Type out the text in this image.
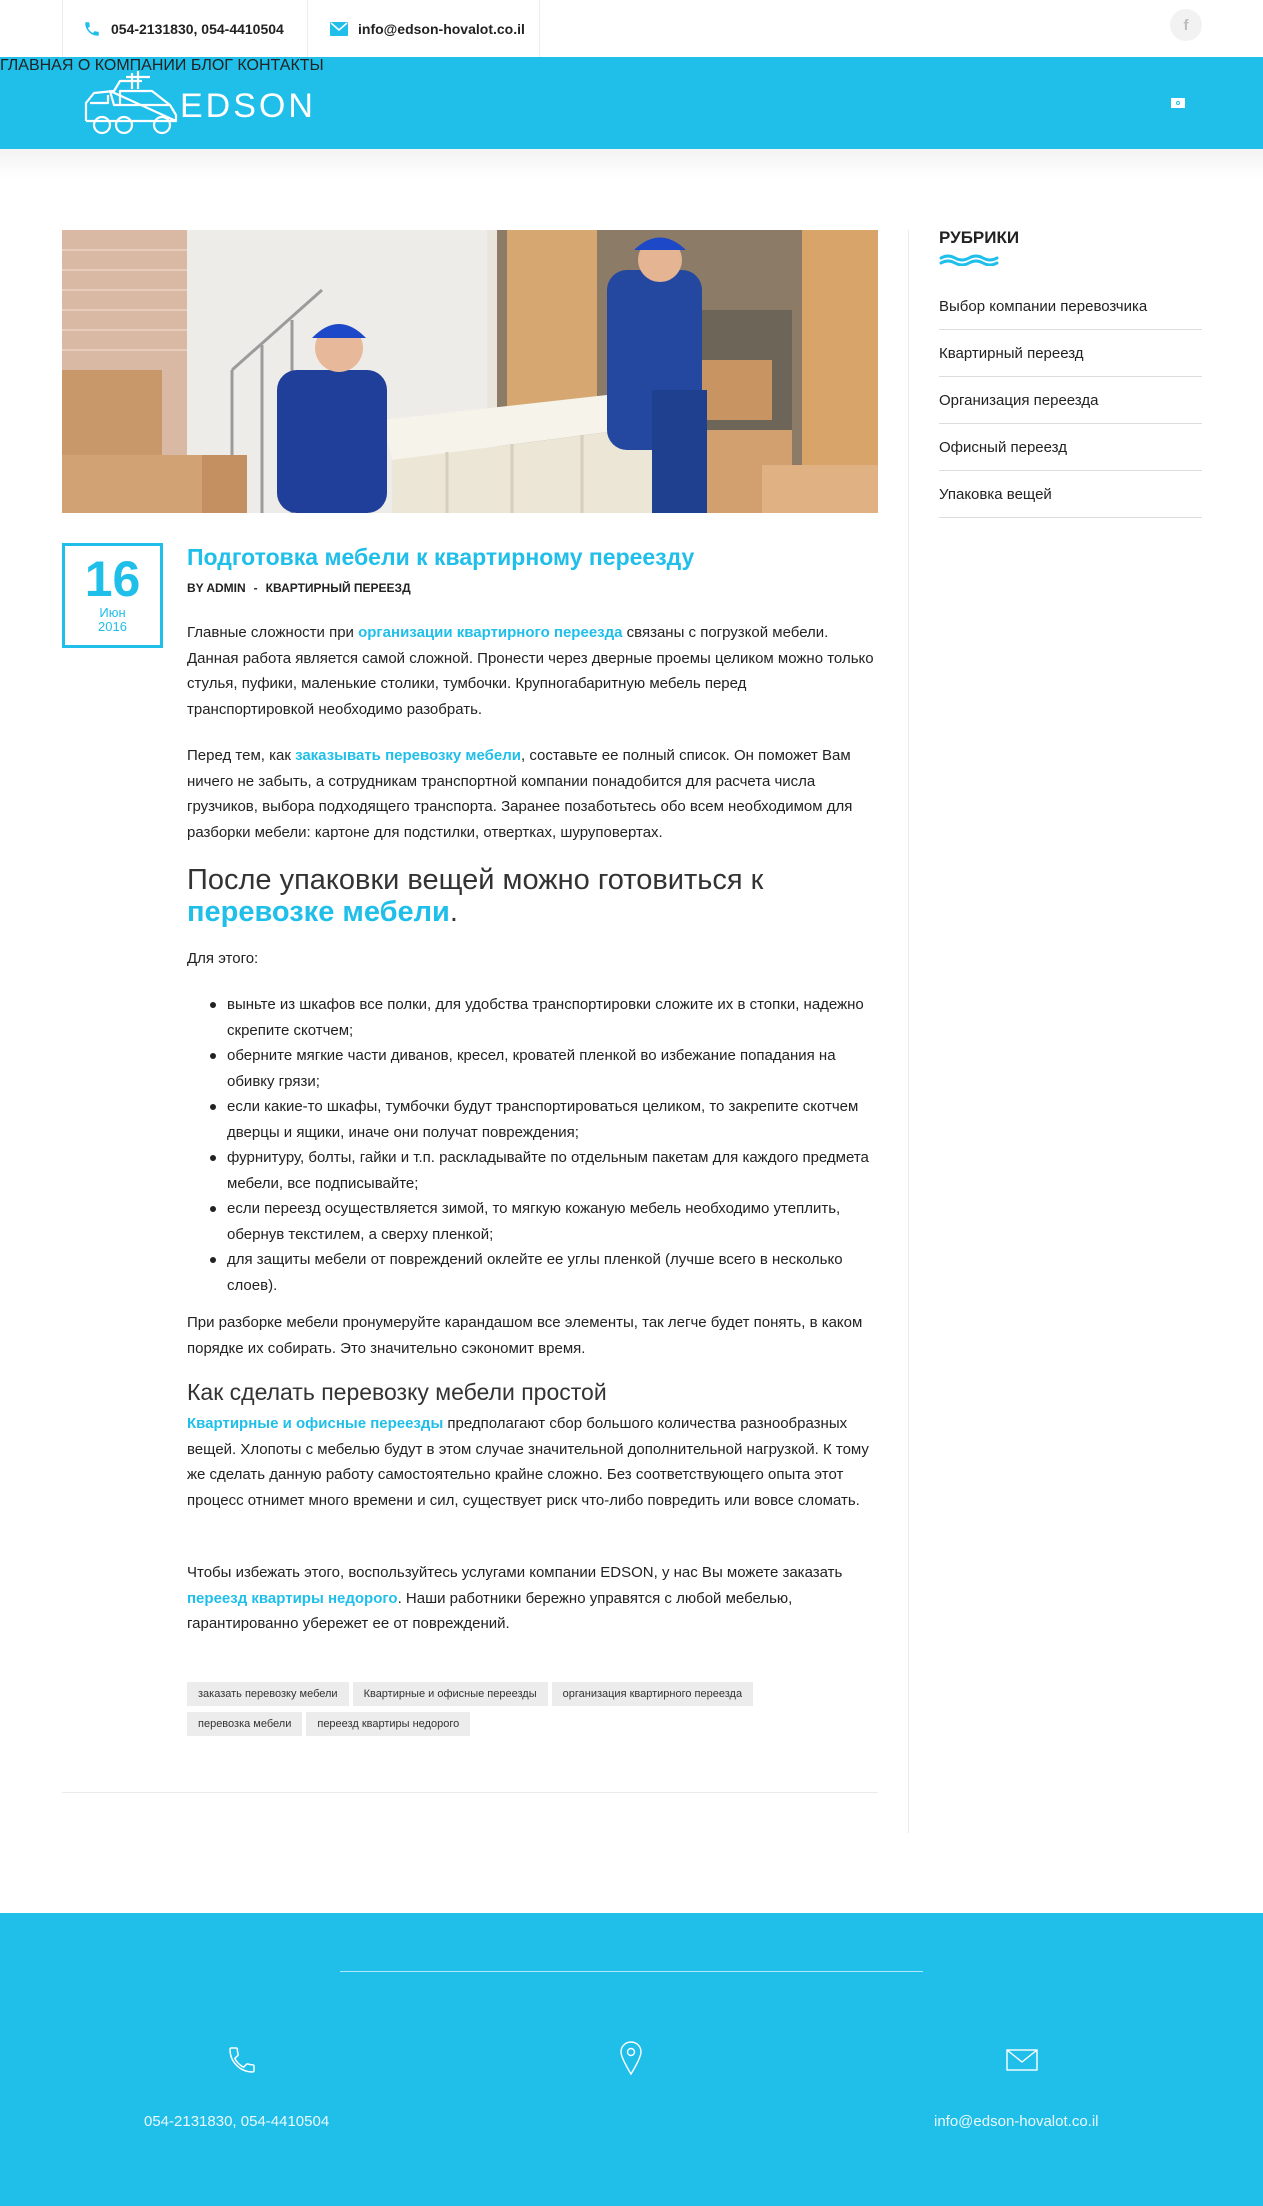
054-2131830, 054-4410504	info@edson-hovalot.co.il	f
EDSON
ГЛАВНАЯ О КОМПАНИИ БЛОГ КОНТАКТЫ
16
Июн
2016
Подготовка мебели к квартирному переезду
BY ADMIN - КВАРТИРНЫЙ ПЕРЕЕЗД
Главные сложности при организации квартирного переезда связаны с погрузкой мебели. Данная работа является самой сложной. Пронести через дверные проемы целиком можно только стулья, пуфики, маленькие столики, тумбочки. Крупногабаритную мебель перед транспортировкой необходимо разобрать.
Перед тем, как заказывать перевозку мебели, составьте ее полный список. Он поможет Вам ничего не забыть, а сотрудникам транспортной компании понадобится для расчета числа грузчиков, выбора подходящего транспорта. Заранее позаботьтесь обо всем необходимом для разборки мебели: картоне для подстилки, отвертках, шуруповертах.
После упаковки вещей можно готовиться к перевозке мебели.
Для этого:
выньте из шкафов все полки, для удобства транспортировки сложите их в стопки, надежно скрепите скотчем;
оберните мягкие части диванов, кресел, кроватей пленкой во избежание попадания на обивку грязи;
если какие-то шкафы, тумбочки будут транспортироваться целиком, то закрепите скотчем дверцы и ящики, иначе они получат повреждения;
фурнитуру, болты, гайки и т.п. раскладывайте по отдельным пакетам для каждого предмета мебели, все подписывайте;
если переезд осуществляется зимой, то мягкую кожаную мебель необходимо утеплить, обернув текстилем, а сверху пленкой;
для защиты мебели от повреждений оклейте ее углы пленкой (лучше всего в несколько слоев).
При разборке мебели пронумеруйте карандашом все элементы, так легче будет понять, в каком порядке их собирать. Это значительно сэкономит время.
Как сделать перевозку мебели простой
Квартирные и офисные переезды предполагают сбор большого количества разнообразных вещей. Хлопоты с мебелью будут в этом случае значительной дополнительной нагрузкой. К тому же сделать данную работу самостоятельно крайне сложно. Без соответствующего опыта этот процесс отнимет много времени и сил, существует риск что-либо повредить или вовсе сломать.
Чтобы избежать этого, воспользуйтесь услугами компании EDSON, у нас Вы можете заказать переезд квартиры недорого. Наши работники бережно управятся с любой мебелью, гарантированно убережет ее от повреждений.
заказать перевозку мебели Квартирные и офисные переезды организация квартирного переезда
перевозка мебели переезд квартиры недорого
РУБРИКИ
Выбор компании перевозчика
Квартирный переезд
Организация переезда
Офисный переезд
Упаковка вещей
054-2131830, 054-4410504	info@edson-hovalot.co.il
